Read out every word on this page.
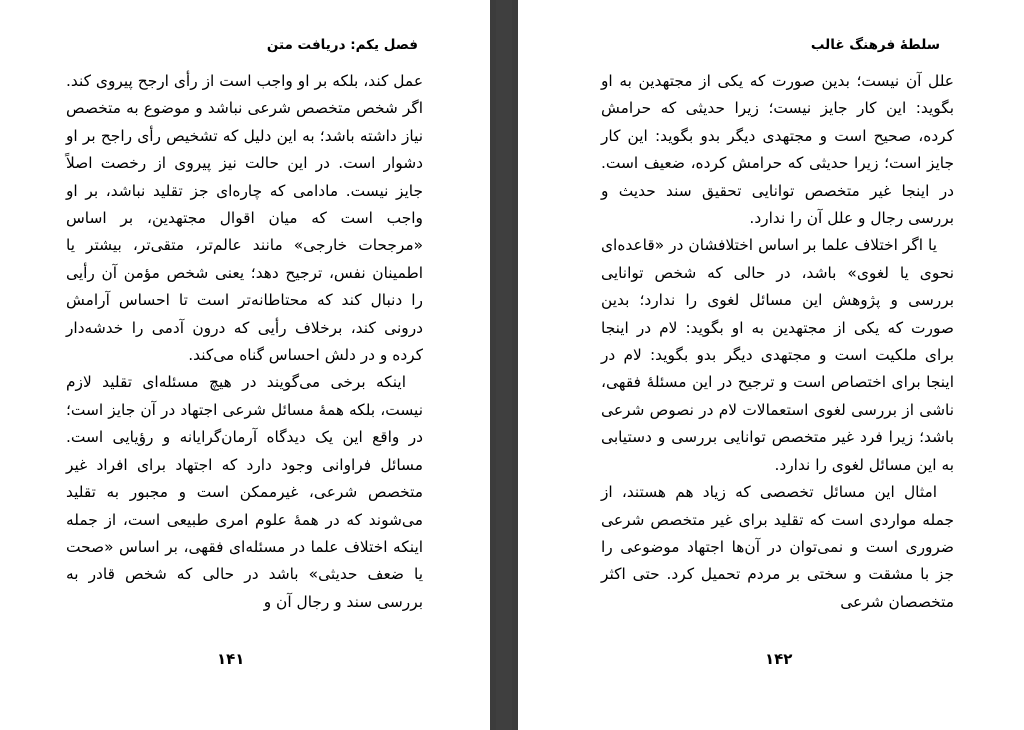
فصل یکم: دریافت متن

عمل کند، بلکه بر او واجب است از رأی ارجح پیروی کند. اگر شخص متخصص شرعی نباشد و موضوع به متخصص نیاز داشته باشد؛ به این دلیل که تشخیص رأی راجح بر او دشوار است. در این حالت نیز پیروی از رخصت اصلاً جایز نیست. مادامی که چاره‌ای جز تقلید نباشد، بر او واجب است که میان اقوال مجتهدین، بر اساس «مرجحات خارجی» مانند عالم‌تر، متقی‌تر، بیشتر یا اطمینان نفس، ترجیح دهد؛ یعنی شخص مؤمن آن رأیی را دنبال کند که محتاطانه‌تر است تا احساس آرامش درونی کند، برخلاف رأیی که درون آدمی را خدشه‌دار کرده و در دلش احساس گناه می‌کند.

اینکه برخی می‌گویند در هیچ مسئله‌ای تقلید لازم نیست، بلکه همهٔ مسائل شرعی اجتهاد در آن جایز است؛ در واقع این یک دیدگاه آرمان‌گرایانه و رؤیایی است. مسائل فراوانی وجود دارد که اجتهاد برای افراد غیر متخصص شرعی، غیرممکن است و مجبور به تقلید می‌شوند که در همهٔ علوم امری طبیعی است، از جمله اینکه اختلاف علما در مسئله‌ای فقهی، بر اساس «صحت یا ضعف حدیثی» باشد در حالی که شخص قادر به بررسی سند و رجال آن و

۱۴۱
سلطهٔ فرهنگ غالب

علل آن نیست؛ بدین صورت که یکی از مجتهدین به او بگوید: این کار جایز نیست؛ زیرا حدیثی که حرامش کرده، صحیح است و مجتهدی دیگر بدو بگوید: این کار جایز است؛ زیرا حدیثی که حرامش کرده، ضعیف است. در اینجا غیر متخصص توانایی تحقیق سند حدیث و بررسی رجال و علل آن را ندارد.

یا اگر اختلاف علما بر اساس اختلافشان در «قاعده‌ای نحوی یا لغوی» باشد، در حالی که شخص توانایی بررسی و پژوهش این مسائل لغوی را ندارد؛ بدین صورت که یکی از مجتهدین به او بگوید: لام در اینجا برای ملکیت است و مجتهدی دیگر بدو بگوید: لام در اینجا برای اختصاص است و ترجیح در این مسئلهٔ فقهی، ناشی از بررسی لغوی استعمالات لام در نصوص شرعی باشد؛ زیرا فرد غیر متخصص توانایی بررسی و دستیابی به این مسائل لغوی را ندارد.

امثال این مسائل تخصصی که زیاد هم هستند، از جمله مواردی است که تقلید برای غیر متخصص شرعی ضروری است و نمی‌توان در آن‌ها اجتهاد موضوعی را جز با مشقت و سختی بر مردم تحمیل کرد. حتی اکثر متخصصان شرعی

۱۴۲
